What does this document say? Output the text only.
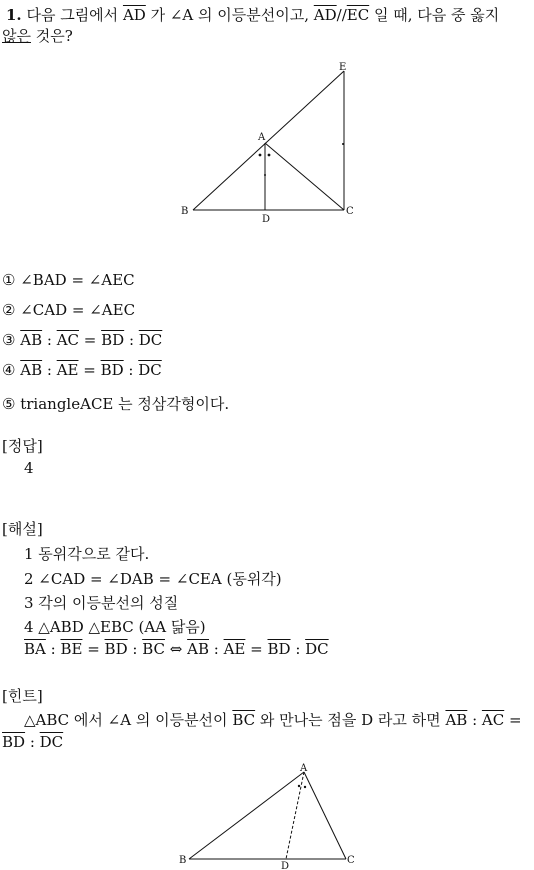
1. 다음 그림에서 $\overline{AD}$ 가 ∠A 의 이등분선이고, $\overline{AD}//\overline{EC}$ 일 때, 다음 중 옳지
않은 것은?
E
A
B
D
C
① ∠BAD = ∠AEC
② ∠CAD = ∠AEC
③ $\overline{AB}$ : $\overline{AC} = \overline{BD}$ : $\overline{DC}$
④ $\overline{AB}$ : $\overline{AE} = \overline{BD}$ : $\overline{DC}$
⑤ triangleACE 는 정삼각형이다.
[정답]
4
[해설]
1 동위각으로 같다.
2 ∠CAD = ∠DAB = ∠CEA (동위각)
3 각의 이등분선의 성질
4 △ABD △EBC (AA 닮음)
$\overline{BA}$ : $\overline{BE} = \overline{BD}$ : $\overline{BC}$ ⇔ $\overline{AB}$ : $\overline{AE} = \overline{BD}$ : $\overline{DC}$
[힌트]
△ABC 에서 ∠A 의 이등분선이 $\overline{BC}$ 와 만나는 점을 D 라고 하면 $\overline{AB}$ : $\overline{AC}$ =
$\overline{BD}$ : $\overline{DC}$
A
B
D
C
